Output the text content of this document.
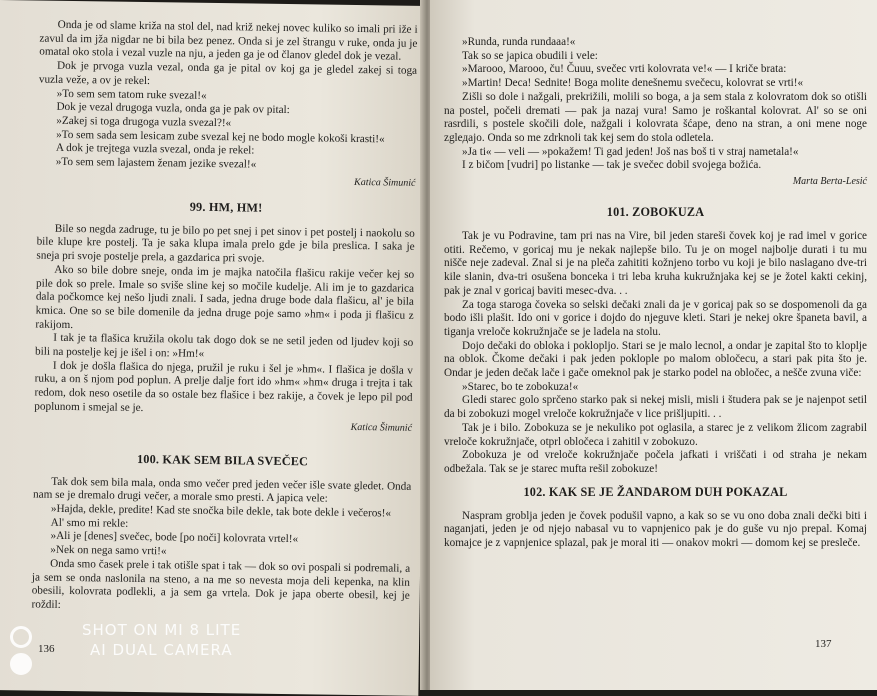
Onda je od slame križa na stol del, nad križ nekej novec kuliko so imali pri iže i zavul da im jža nigdar ne bi bila bez penez. Onda si je zel štrangu v ruke, onda ju je omatal oko stola i vezal vuzle na nju, a jeden ga je od članov gledel dok je vezal.

Dok je prvoga vuzla vezal, onda ga je pital ov koj ga je gledel zakej si toga vuzla veže, a ov je rekel:

»To sem sem tatom ruke svezal!«

Dok je vezal drugoga vuzla, onda ga je pak ov pital:

»Zakej si toga drugoga vuzla svezal?!«

»To sem sada sem lesicam zube svezal kej ne bodo mogle kokoši krasti!«

A dok je trejtega vuzla svezal, onda je rekel:

»To sem sem lajastem ženam jezike svezal!«

Katica Šimunić
99. HM, HM!

Bile so negda zadruge, tu je bilo po pet snej i pet sinov i pet postelj i naokolu so bile klupe kre postelj. Ta je saka klupa imala prelo gde je bila preslica. I saka je sneja pri svoje postelje prela, a gazdarica pri svoje.

Ako so bile dobre sneje, onda im je majka natočila flašicu rakije večer kej so pile dok so prele. Imale so sviše sline kej so močile kudelje. Ali im je to gazdarica dala počkomce kej nešo ljudi znali. I sada, jedna druge bode dala flašicu, al' je bila kmica. One so se bile domenile da jedna druge poje samo »hm« i poda ji flašicu z rakijom.

I tak je ta flašica kružila okolu tak dogo dok se ne setil jeden od ljudev koji so bili na postelje kej je išel i on: »Hm!«

I dok je došla flašica do njega, pružil je ruku i šel je »hm«. I flašica je došla v ruku, a on š njom pod poplun. A prelje dalje fort ido »hm« »hm« druga i trejta i tak redom, dok neso osetile da so ostale bez flašice i bez rakije, a čovek je lepo pil pod poplunom i smejal se je.

Katica Šimunić
100. KAK SEM BILA SVEČEC

Tak dok sem bila mala, onda smo večer pred jeden večer išle svate gledet. Onda nam se je dremalo drugi večer, a morale smo presti. A japica vele:

»Hajda, dekle, predite! Kad ste snočka bile dekle, tak bote dekle i večeros!«

Al' smo mi rekle:

»Ali je [denes] svečec, bode [po noči] kolovrata vrtel!«

»Nek on nega samo vrti!«

Onda smo časek prele i tak otišle spat i tak — dok so ovi pospali si podremali, a ja sem se onda naslonila na steno, a na me so nevesta moja deli kepenka, na klin obesili, kolovrata podlekli, a ja sem ga vrtela. Dok je japa oberte obesil, kej je roždil:

136

»Runda, runda rundaaa!«

Tak so se japica obudili i vele:

»Marooo, Marooo, ču! Čuuu, svečec vrti kolovrata ve!« — I kriče brata:

»Martin! Deca! Sednite! Boga molite denešnemu svečecu, kolovrat se vrti!«

Zišli so dole i nažgali, prekrižili, molili so boga, a ja sem stala z kolovratom dok so otišli na postel, počeli drematі — pak ja nazaj vura! Samo je roškantal kolovrat. Al' so se oni rasrdili, s postele skočili dole, nažgali i kolovrata šćape, deno na stran, a oni mene noge zglедajo. Onda so me zdrknoli tak kej sem do stola odletela.

»Ja ti« — veli — »pokažem! Ti gad jeden! Još nas boš ti v straj nametala!«

I z bičom [vudri] po listanke — tak je svečec dobil svojega božića.

Marta Berta-Lesić
101. ZOBOKUZA

Tak je vu Podravine, tam pri nas na Vire, bil jeden stareši čovek koj je rad imel v gorice otiti. Rečemo, v goricaj mu je nekak najlepše bilo. Tu je on mogel najbolje durati i tu mu niščе nejе zadeval. Znal si je na pleča zahititi kožnjeno torbo vu koji je bilo naslagano dve-tri kile slanin, dva-tri osušena bonceka i tri leba kruha kukružnjaka kej se je žotel kakti cekinj, pak je znal v goricaj baviti mesec-dva. . .

Za toga staroga čoveka so selski dečaki znali da je v goricaj pak so se dospomenoli da ga bodo išli plašit. Ido oni v gorice i dojdo do njeguve kleti. Stari je nekej okre španeta bavil, a tiganja vrelоče kokružnjače se je ladela na stolu.

Dojo dečaki do obloka i poklopljo. Stari se je malo lecnol, a ondar je zapital što to kloplje na oblok. Čkome dečaki i pak jeden poklople po malom oblоčecu, a stari pak pita što je. Ondar je jeden dečak lače i gače omeknol pak je starko podel na oblоčec, a nešče zvuna viče:

»Starec, bo te zobokuza!«

Gledi starec golo sprčeno starko pak si nekej misli, misli i študera pak se je najenpot setil da bi zobokuzi mogel vreloče kokružnjače v lice prišljupiti. . .

Tak je i bilo. Zobokuza se je nekuliko pot oglasila, a starec je z velikom žlicom zagrabil vreloče kokružnjače, otprl oblоčеca i zahitil v zobokuzo.

Zobokuza je od vreloče kokružnjače počela jafkati i vriščati i od straha je nekam odbežala. Tak se je starec mufta rešil zobokuze!

102. KAK SE JE ŽANDAROM DUH POKAZAL

Naspram groblja jeden je čovek podušil vapno, a kak so se vu ono doba znali dečki biti i naganjati, jeden je od njejo nabasal vu to vapnjenico pak je do guše vu njo prepal. Komaj komajce je z vapnjenice splazal, pak je moral iti — onakov mokri — domom kej se presleče.

137
SHOT ON MI 8 LITE
AI DUAL CAMERA
